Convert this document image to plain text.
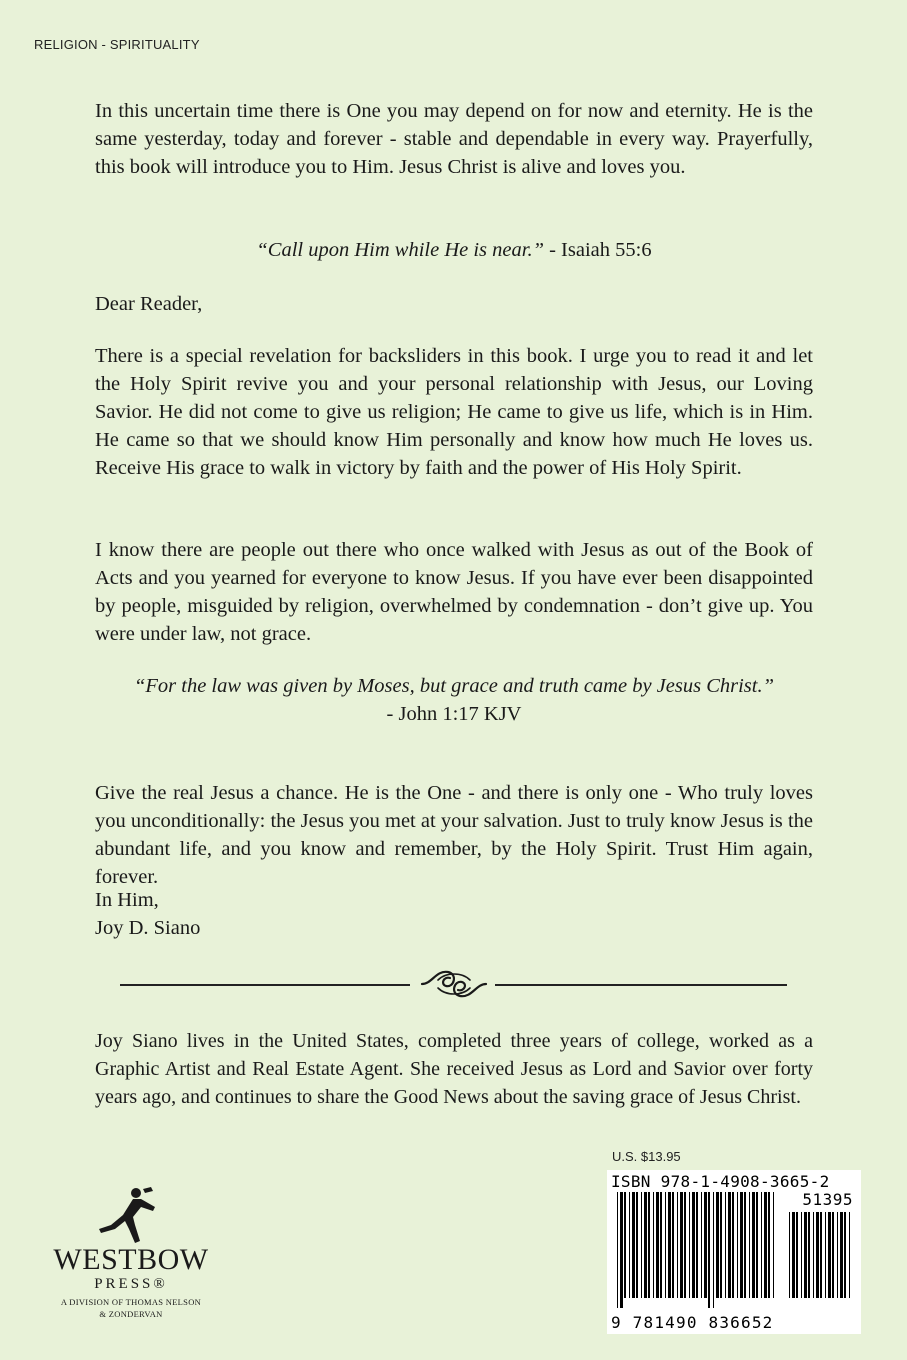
RELIGION - SPIRITUALITY
In this uncertain time there is One you may depend on for now and eternity. He is the same yesterday, today and forever - stable and dependable in every way. Prayerfully, this book will introduce you to Him. Jesus Christ is alive and loves you.
“Call upon Him while He is near.” - Isaiah 55:6
Dear Reader,
There is a special revelation for backsliders in this book. I urge you to read it and let the Holy Spirit revive you and your personal relationship with Jesus, our Loving Savior. He did not come to give us religion; He came to give us life, which is in Him. He came so that we should know Him personally and know how much He loves us. Receive His grace to walk in victory by faith and the power of His Holy Spirit.
I know there are people out there who once walked with Jesus as out of the Book of Acts and you yearned for everyone to know Jesus. If you have ever been disappointed by people, misguided by religion, overwhelmed by condemnation - don’t give up. You were under law, not grace.
“For the law was given by Moses, but grace and truth came by Jesus Christ.”
- John 1:17 KJV
Give the real Jesus a chance. He is the One - and there is only one - Who truly loves you unconditionally: the Jesus you met at your salvation. Just to truly know Jesus is the abundant life, and you know and remember, by the Holy Spirit. Trust Him again, forever.
In Him,
Joy D. Siano
Joy Siano lives in the United States, completed three years of college, worked as a Graphic Artist and Real Estate Agent. She received Jesus as Lord and Savior over forty years ago, and continues to share the Good News about the saving grace of Jesus Christ.
WESTBOW
PRESS®
A DIVISION OF THOMAS NELSON
& ZONDERVAN
U.S. $13.95
ISBN 978-1-4908-3665-2
51395
9 781490 836652
